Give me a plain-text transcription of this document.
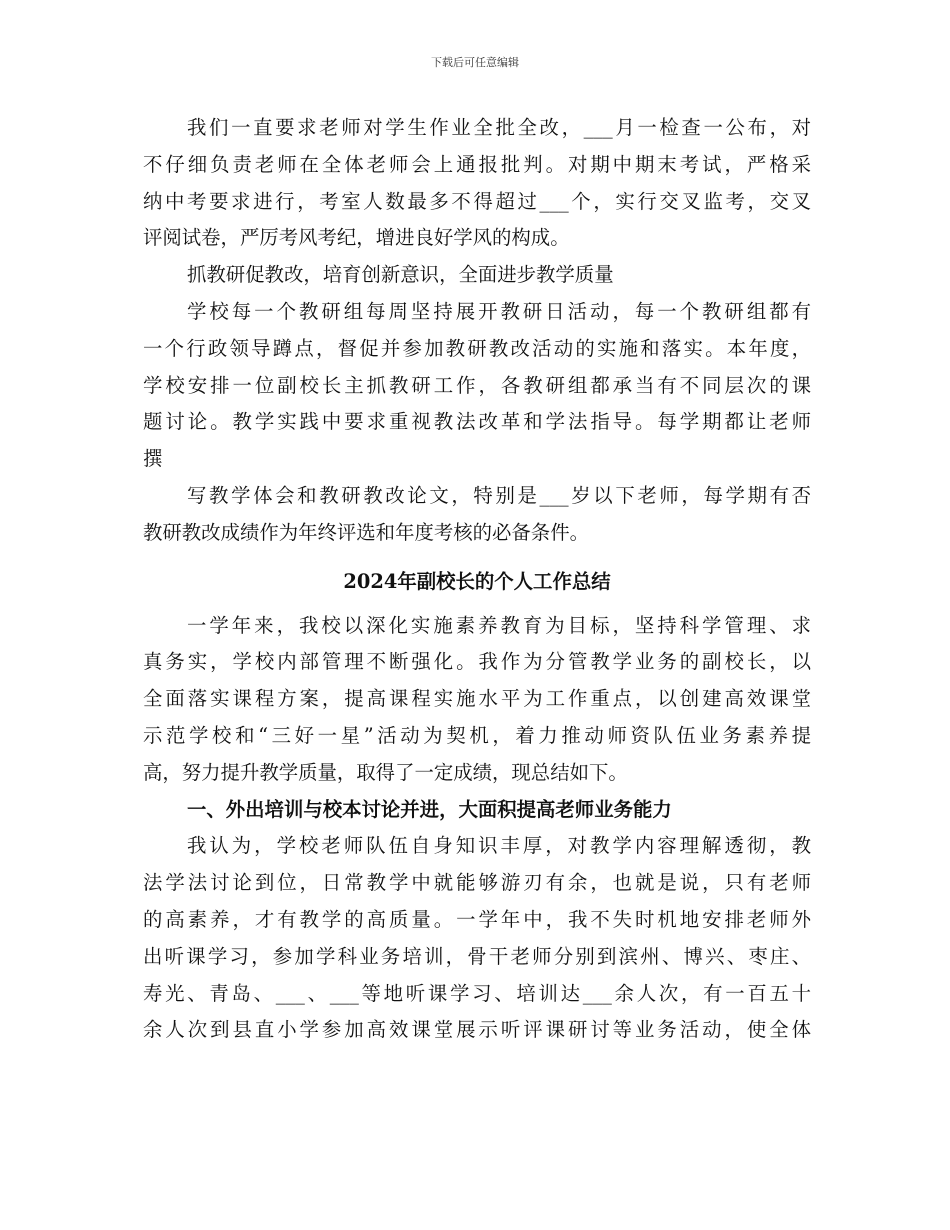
下载后可任意编辑
我们一直要求老师对学生作业全批全改，___月一检查一公布，对
不仔细负责老师在全体老师会上通报批判。对期中期末考试，严格采
纳中考要求进行，考室人数最多不得超过___个，实行交叉监考，交叉
评阅试卷，严厉考风考纪，增进良好学风的构成。
抓教研促教改，培育创新意识，全面进步教学质量
学校每一个教研组每周坚持展开教研日活动，每一个教研组都有
一个行政领导蹲点，督促并参加教研教改活动的实施和落实。本年度，
学校安排一位副校长主抓教研工作，各教研组都承当有不同层次的课
题讨论。教学实践中要求重视教法改革和学法指导。每学期都让老师
撰
写教学体会和教研教改论文，特别是___岁以下老师，每学期有否
教研教改成绩作为年终评选和年度考核的必备条件。
2024年副校长的个人工作总结
一学年来，我校以深化实施素养教育为目标，坚持科学管理、求
真务实，学校内部管理不断强化。我作为分管教学业务的副校长，以
全面落实课程方案，提高课程实施水平为工作重点，以创建高效课堂
示范学校和“三好一星”活动为契机，着力推动师资队伍业务素养提
高，努力提升教学质量，取得了一定成绩，现总结如下。
一、外出培训与校本讨论并进，大面积提高老师业务能力
我认为，学校老师队伍自身知识丰厚，对教学内容理解透彻，教
法学法讨论到位，日常教学中就能够游刃有余，也就是说，只有老师
的高素养，才有教学的高质量。一学年中，我不失时机地安排老师外
出听课学习，参加学科业务培训，骨干老师分别到滨州、博兴、枣庄、
寿光、青岛、___、___等地听课学习、培训达___余人次，有一百五十
余人次到县直小学参加高效课堂展示听评课研讨等业务活动，使全体
